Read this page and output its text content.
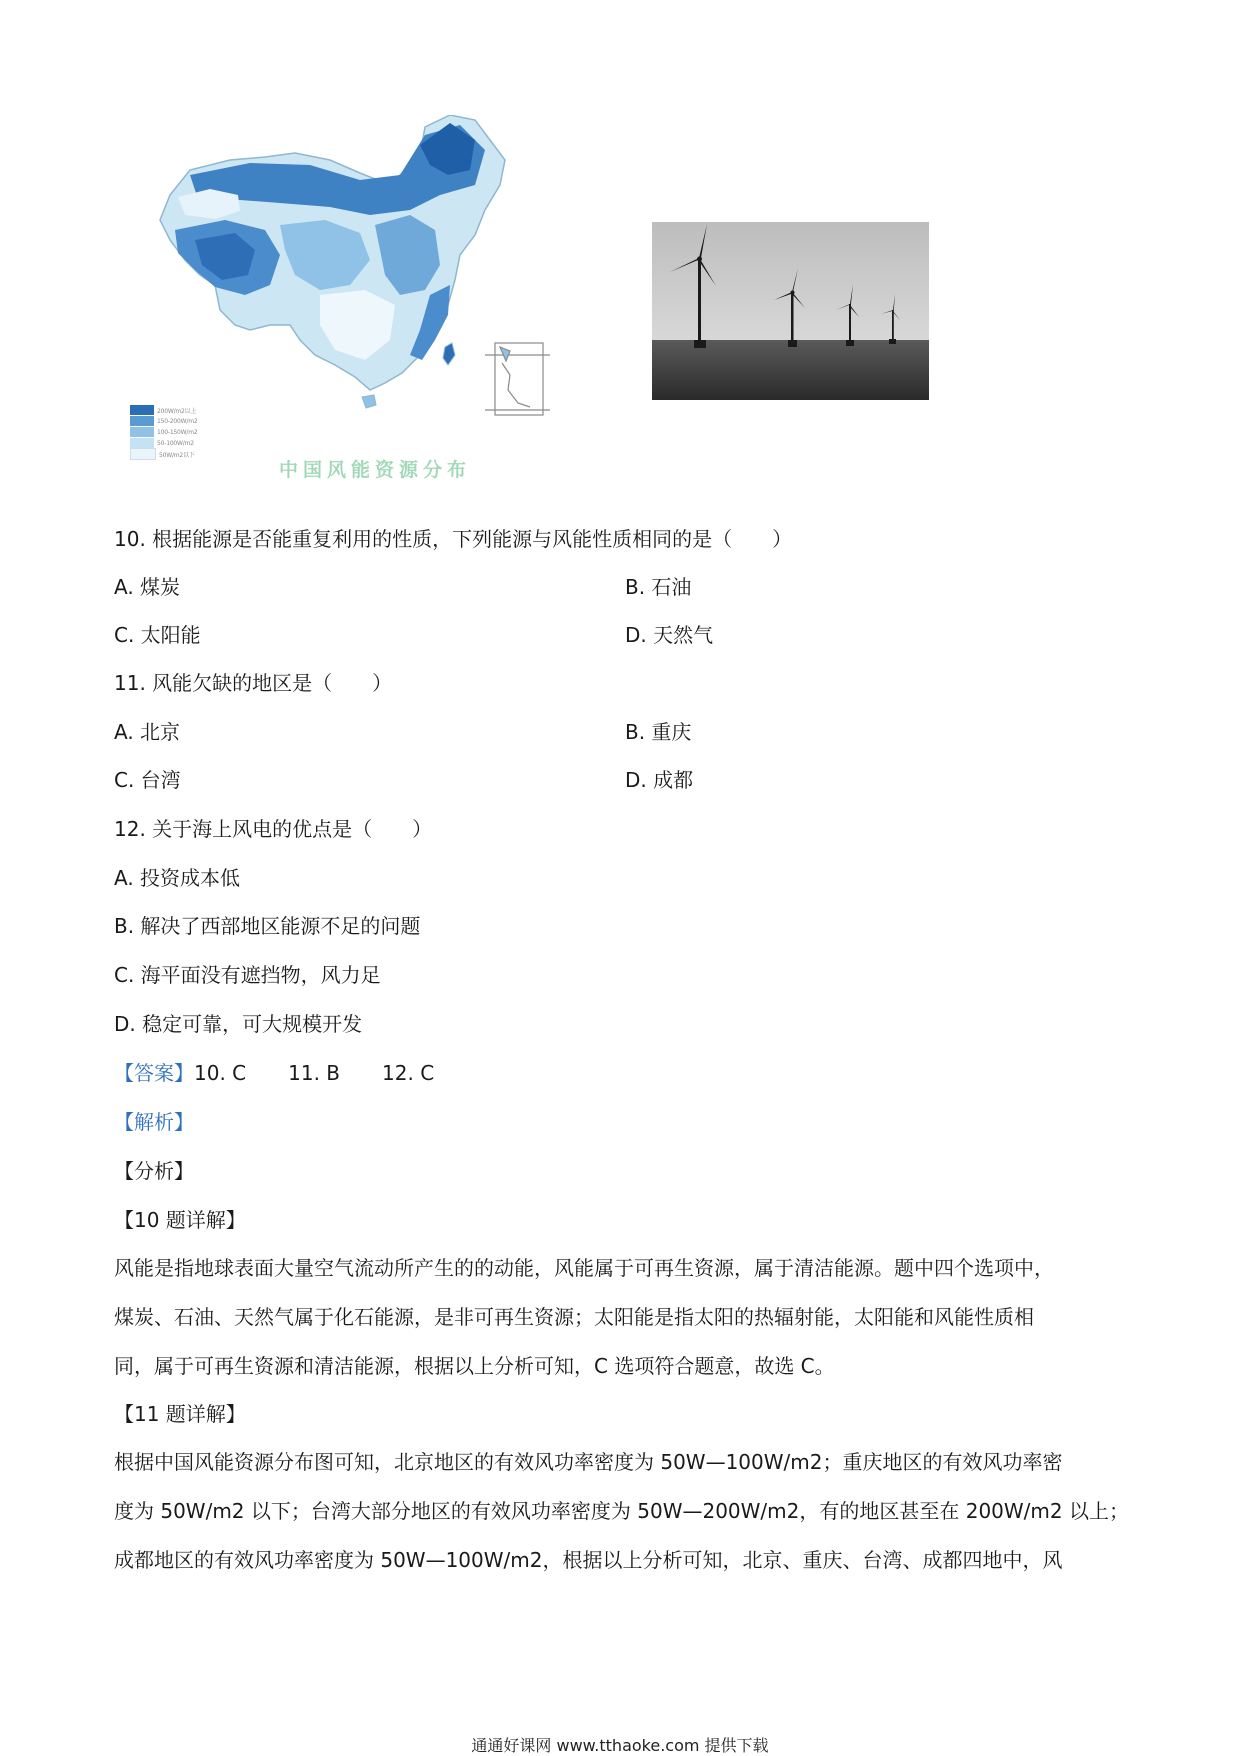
200W/m2以上
150-200W/m2
100-150W/m2
50-100W/m2
50W/m2以下
中国风能资源分布
10. 根据能源是否能重复利用的性质，下列能源与风能性质相同的是（　　）
A. 煤炭	B. 石油
C. 太阳能	D. 天然气
11. 风能欠缺的地区是（　　）
A. 北京	B. 重庆
C. 台湾	D. 成都
12. 关于海上风电的优点是（　　）
A. 投资成本低
B. 解决了西部地区能源不足的问题
C. 海平面没有遮挡物，风力足
D. 稳定可靠，可大规模开发
【答案】10. C 11. B 12. C
【解析】
【分析】
【10 题详解】
风能是指地球表面大量空气流动所产生的的动能，风能属于可再生资源，属于清洁能源。题中四个选项中，
煤炭、石油、天然气属于化石能源，是非可再生资源；太阳能是指太阳的热辐射能，太阳能和风能性质相
同，属于可再生资源和清洁能源，根据以上分析可知，C 选项符合题意，故选 C。
【11 题详解】
根据中国风能资源分布图可知，北京地区的有效风功率密度为 50W—100W/m2；重庆地区的有效风功率密
度为 50W/m2 以下；台湾大部分地区的有效风功率密度为 50W—200W/m2，有的地区甚至在 200W/m2 以上；
成都地区的有效风功率密度为 50W—100W/m2，根据以上分析可知，北京、重庆、台湾、成都四地中，风
通通好课网 www.tthaoke.com 提供下载
